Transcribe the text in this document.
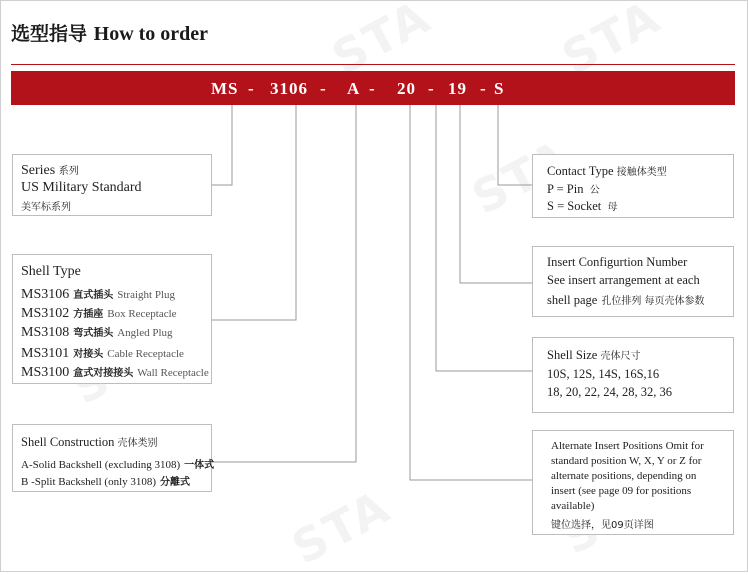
选型指导 How to order
MS - 3106 - A - 20 - 19 - S
Series 系列
US Military Standard
美军标系列
Shell Type
MS3106 直式插头 Straight Plug
MS3102 方插座 Box Receptacle
MS3108 弯式插头 Angled Plug
MS3101 对接头 Cable Receptacle
MS3100 盒式对接接头 Wall Receptacle
Shell Construction 壳体类别
A-Solid Backshell (excluding 3108) 一体式
B -Split Backshell (only 3108) 分離式
Contact Type 接触体类型
P = Pin 公
S = Socket 母
Insert Configurtion Number
See insert arrangement at each
shell page 孔位排列 每页壳体参数
Shell Size 壳体尺寸
10S, 12S, 14S, 16S,16
18, 20, 22, 24, 28, 32, 36
Alternate Insert Positions Omit for
standard position W, X, Y or Z for
alternate positions, depending on
insert (see page 09 for positions
available)
键位选择，见09页详图
